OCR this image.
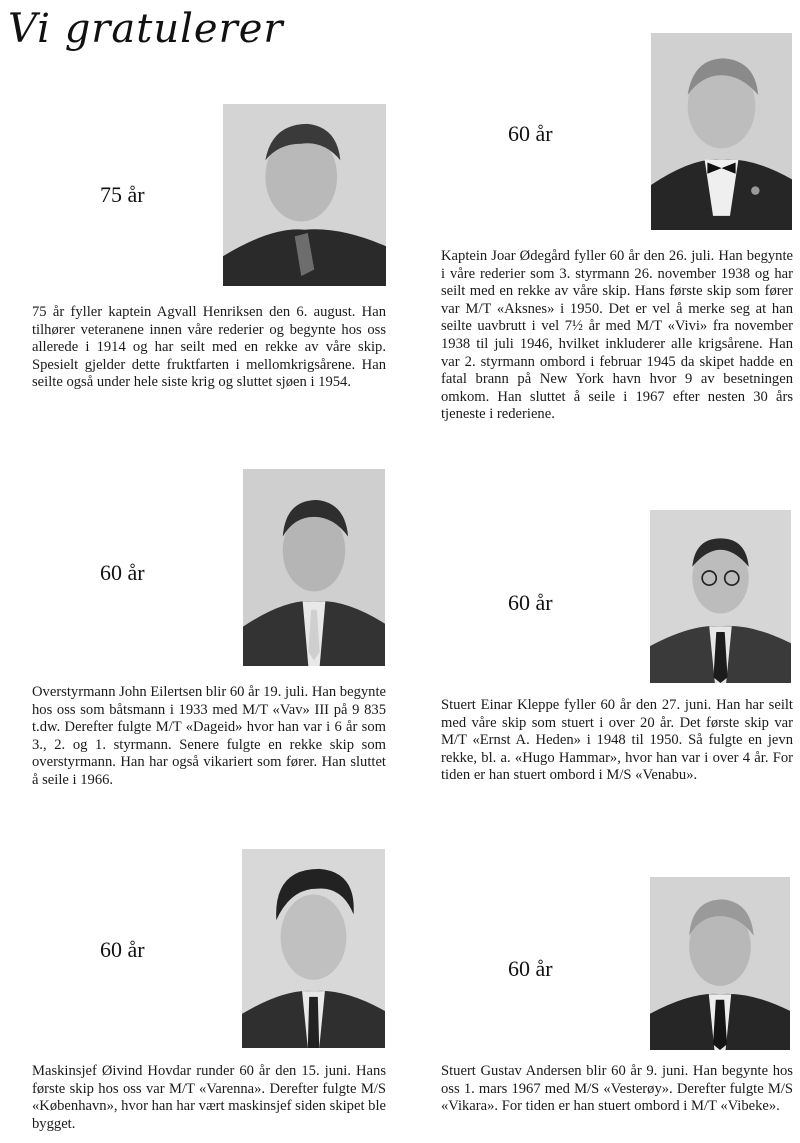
Vi gratulerer
75 år

75 år fyller kaptein Agvall Henriksen den 6. august. Han tilhører veteranene innen våre rederier og begynte hos oss allerede i 1914 og har seilt med en rekke av våre skip. Spesielt gjelder dette fruktfarten i mellomkrigsårene. Han seilte også under hele siste krig og sluttet sjøen i 1954.

60 år

Kaptein Joar Ødegård fyller 60 år den 26. juli. Han begynte i våre rederier som 3. styrmann 26. november 1938 og har seilt med en rekke av våre skip. Hans første skip som fører var M/T «Aksnes» i 1950. Det er vel å merke seg at han seilte uavbrutt i vel 7½ år med M/T «Vivi» fra november 1938 til juli 1946, hvilket inkluderer alle krigsårene. Han var 2. styrmann ombord i februar 1945 da skipet hadde en fatal brann på New York havn hvor 9 av besetningen omkom. Han sluttet å seile i 1967 efter nesten 30 års tjeneste i rederiene.

60 år

Overstyrmann John Eilertsen blir 60 år 19. juli. Han begynte hos oss som båtsmann i 1933 med M/T «Vav» III på 9 835 t.dw. Derefter fulgte M/T «Dageid» hvor han var i 6 år som 3., 2. og 1. styrmann. Senere fulgte en rekke skip som overstyrmann. Han har også vikariert som fører. Han sluttet å seile i 1966.

60 år

Stuert Einar Kleppe fyller 60 år den 27. juni. Han har seilt med våre skip som stuert i over 20 år. Det første skip var M/T «Ernst A. Heden» i 1948 til 1950. Så fulgte en jevn rekke, bl. a. «Hugo Hammar», hvor han var i over 4 år. For tiden er han stuert ombord i M/S «Venabu».

60 år

Maskinsjef Øivind Hovdar runder 60 år den 15. juni. Hans første skip hos oss var M/T «Varenna». Derefter fulgte M/S «København», hvor han har vært maskinsjef siden skipet ble bygget.

60 år

Stuert Gustav Andersen blir 60 år 9. juni. Han begynte hos oss 1. mars 1967 med M/S «Vesterøy». Derefter fulgte M/S «Vikara». For tiden er han stuert ombord i M/T «Vibeke».
